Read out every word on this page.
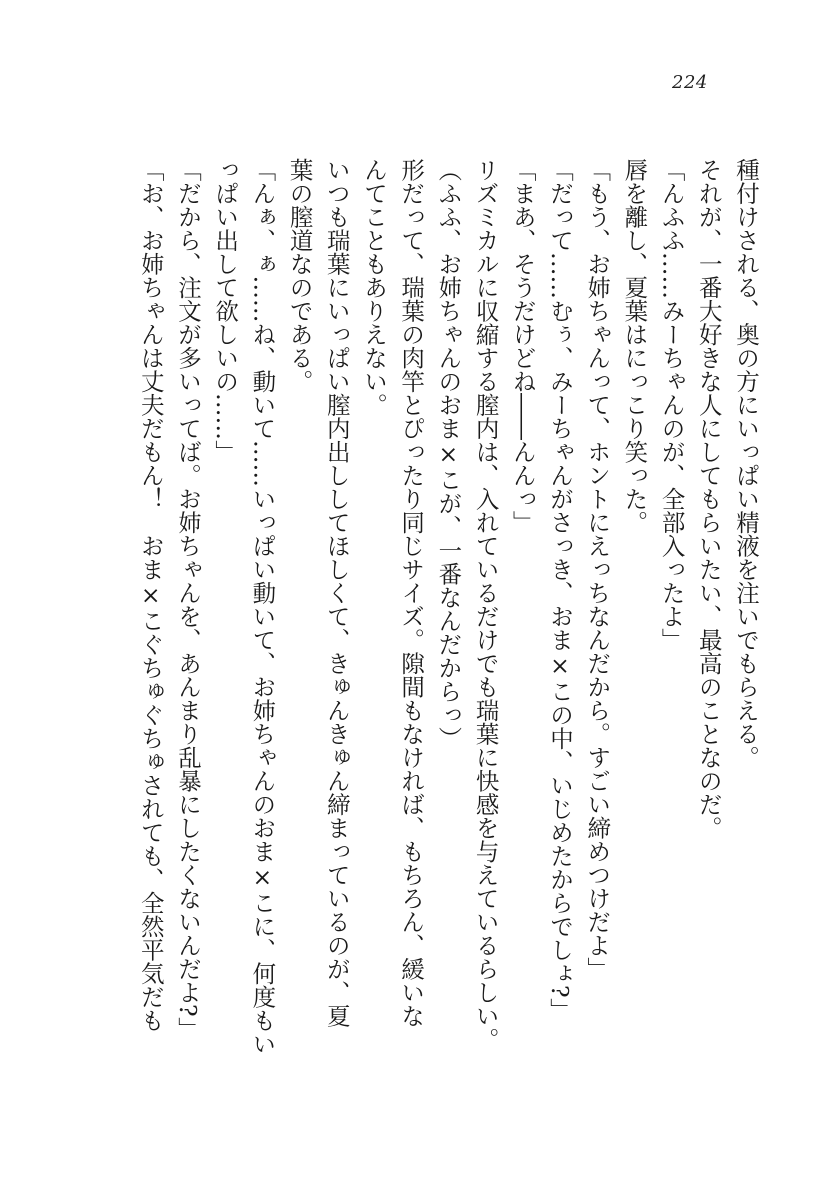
224
種付けされる、奥の方にいっぱい精液を注いでもらえる。
それが、一番大好きな人にしてもらいたい、最高のことなのだ。
「んふふ……みーちゃんのが、全部入ったよ」
唇を離し、夏葉はにっこり笑った。
「もう、お姉ちゃんって、ホントにえっちなんだから。すごい締めつけだよ」
「だって……むぅ、みーちゃんがさっき、おま×この中、いじめたからでしょ?」
「まあ、そうだけどね――んんっ」
リズミカルに収縮する膣内は、入れているだけでも瑞葉に快感を与えているらしい。
（ふふ、お姉ちゃんのおま×こが、一番なんだからっ）
形だって、瑞葉の肉竿とぴったり同じサイズ。隙間もなければ、もちろん、緩いな
んてこともありえない。
いつも瑞葉にいっぱい膣内出ししてほしくて、きゅんきゅん締まっているのが、夏
葉の膣道なのである。
「んぁ、ぁ……ね、動いて……いっぱい動いて、お姉ちゃんのおま×こに、何度もい
っぱい出して欲しいの……」
「だから、注文が多いってば。お姉ちゃんを、あんまり乱暴にしたくないんだよ?」
「お、お姉ちゃんは丈夫だもん！　おま×こぐちゅぐちゅされても、全然平気だも
